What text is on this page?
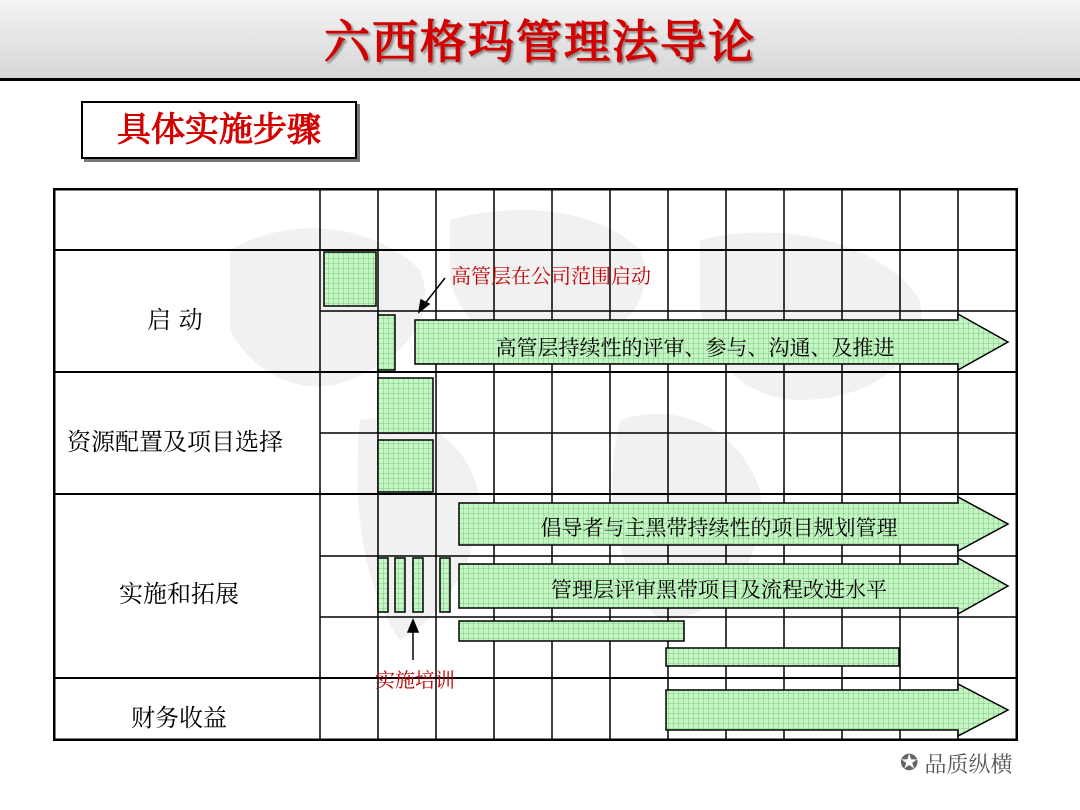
六西格玛管理法导论
具体实施步骤
启 动
资源配置及项目选择
实施和拓展
财务收益
高管层在公司范围启动
实施培训
高管层持续性的评审、参与、沟通、及推进
倡导者与主黑带持续性的项目规划管理
管理层评审黑带项目及流程改进水平
✪ 品质纵横
